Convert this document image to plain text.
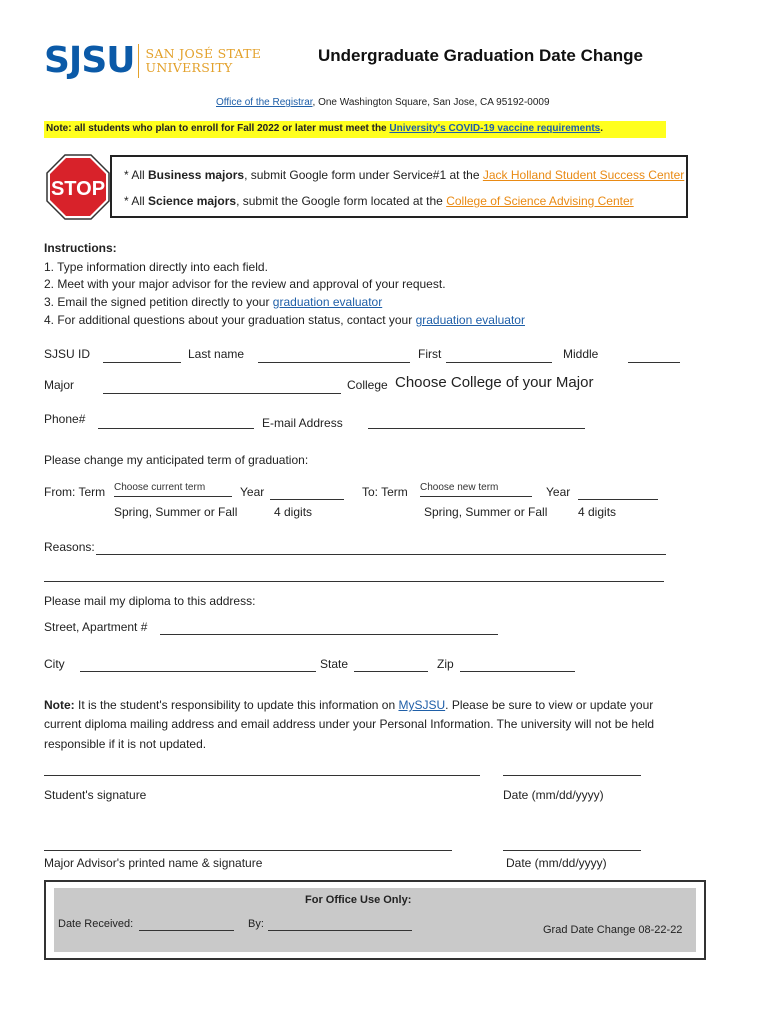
SJSU SAN JOSÉ STATE
UNIVERSITY
Undergraduate Graduation Date Change
Office of the Registrar, One Washington Square, San Jose, CA 95192-0009
Note: all students who plan to enroll for Fall 2022 or later must meet the University's COVID-19 vaccine requirements.
STOP
* All Business majors, submit Google form under Service#1 at the Jack Holland Student Success Center
* All Science majors, submit the Google form located at the College of Science Advising Center
Instructions:
1. Type information directly into each field.
2. Meet with your major advisor for the review and approval of your request.
3. Email the signed petition directly to your graduation evaluator
4. For additional questions about your graduation status, contact your graduation evaluator
SJSU ID	Last name	First	Middle
Major	College Choose College of your Major
Phone#	E-mail Address
Please change my anticipated term of graduation:
From: Term Choose current term	Year	To: Term Choose new term	Year
Spring, Summer or Fall	4 digits	Spring, Summer or Fall	4 digits
Reasons:
Please mail my diploma to this address:
Street, Apartment #
City	State	Zip
Note: It is the student's responsibility to update this information on MySJSU. Please be sure to view or update your
current diploma mailing address and email address under your Personal Information. The university will not be held
responsible if it is not updated.
Student's signature	Date (mm/dd/yyyy)
Major Advisor's printed name & signature	Date (mm/dd/yyyy)
For Office Use Only:
Date Received:	By:	Grad Date Change 08-22-22
